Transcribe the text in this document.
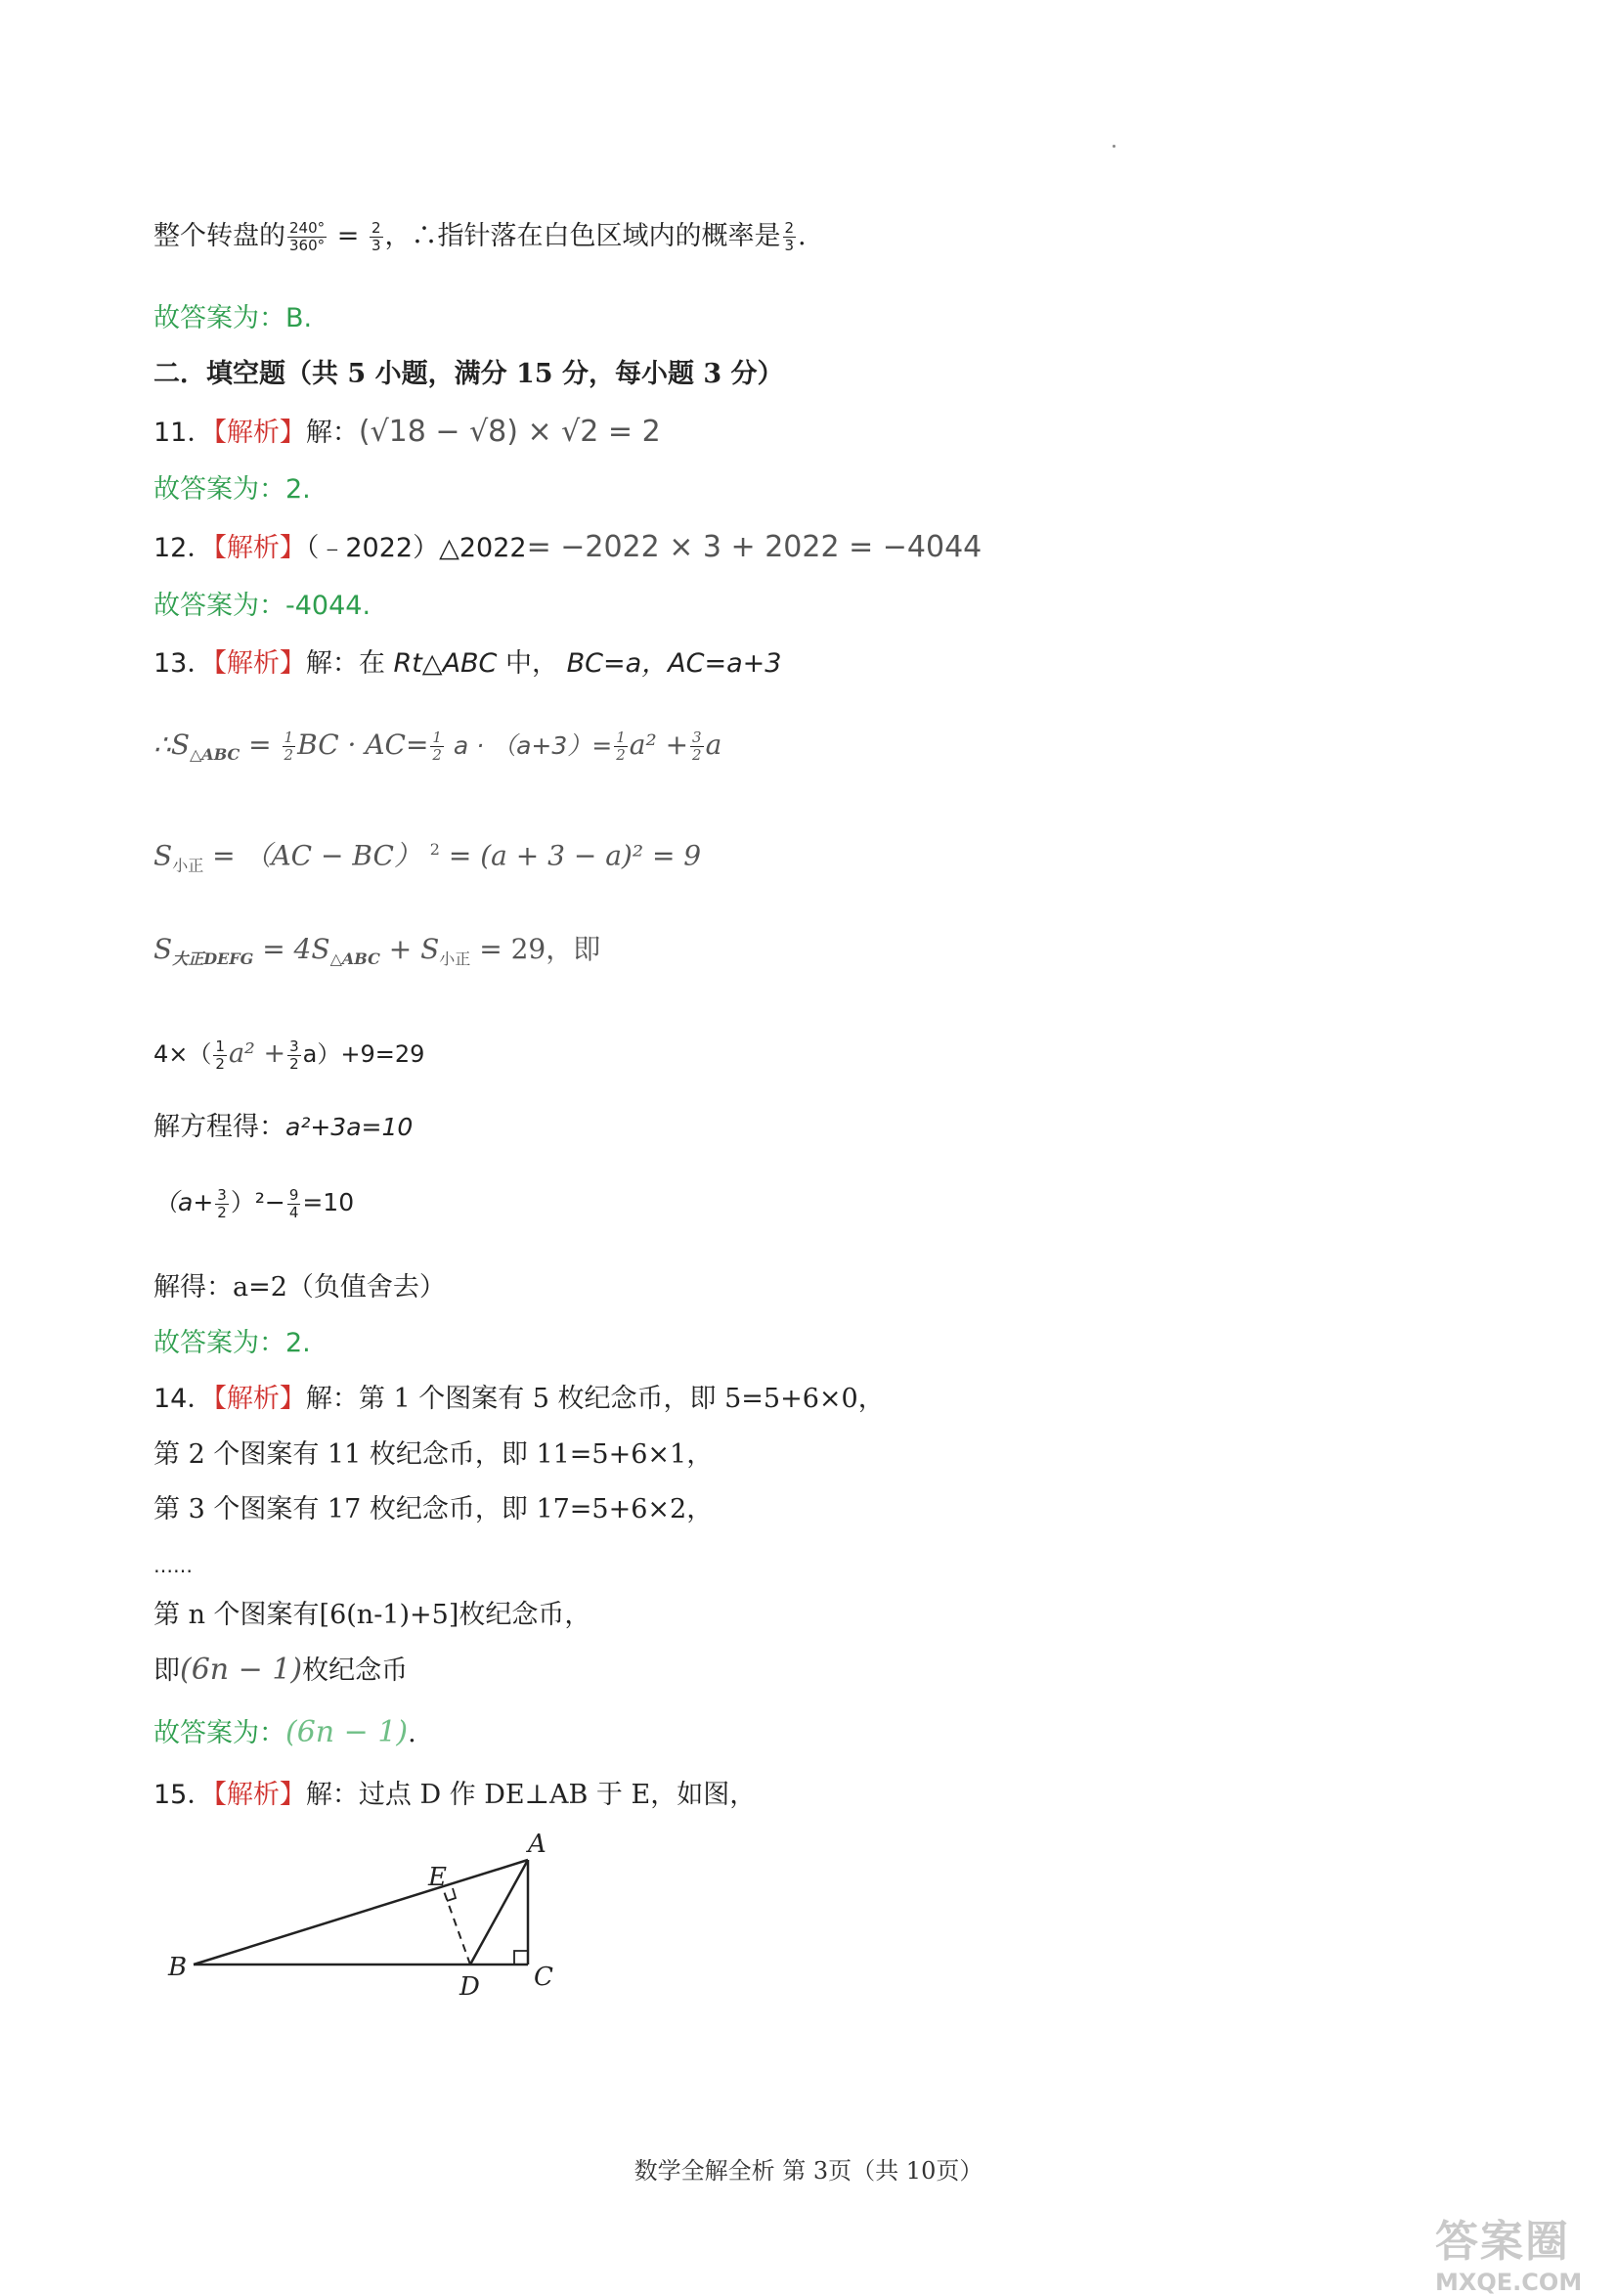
整个转盘的 $\frac{240^\circ}{360^\circ} = \frac{2}{3}$ ，∴指针落在白色区域内的概率是 $\frac{2}{3}$ .
故答案为：B.
二．填空题（共 5 小题，满分 15 分，每小题 3 分）
11．【解析】解：(√18 − √8) × √2 = 2
故答案为：2.
12．【解析】（﹣2022）△2022= −2022 × 3 + 2022 = −4044
故答案为：-4044.
13．【解析】解：在 Rt△ABC 中， BC=a，AC=a+3
$\therefore S_{\triangle ABC} = \frac{1}{2}$ BC · $AC= \frac{1}{2}$ $a \cdot (a+3)= \frac{1}{2} a^2 + \frac{3}{2}$ a
$S_{小正} = (AC - BC) ^2 = (a + 3 - a)^2 = 9$
$S_{大正DEFG} = 4S_{\triangle ABC} + S_{小正} = 29$，即
$4\times( \frac{1}{2} a^2 + \frac{3}{2} a)+9=29$
解方程得：a²+3a=10
$(a+ \frac{3}{2} )^2- \frac{9}{4} =10$
解得：a=2（负值舍去）
故答案为：2.
14．【解析】解：第 1 个图案有 5 枚纪念币，即 5=5+6×0，
第 2 个图案有 11 枚纪念币，即 11=5+6×1，
第 3 个图案有 17 枚纪念币，即 17=5+6×2，
……
第 n 个图案有[6(n-1)+5]枚纪念币，
即(6n − 1)枚纪念币
故答案为：(6n − 1).
15．【解析】解：过点 D 作 DE⊥AB 于 E，如图，
A
B	C
D
E
数学全解全析 第 3页（共 10页）
答案圈
MXQE.COM
